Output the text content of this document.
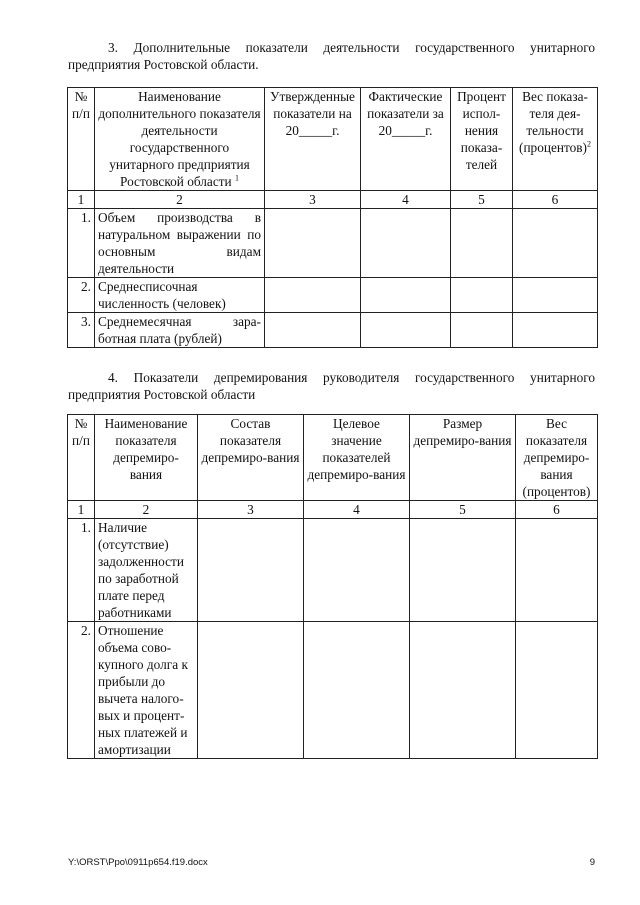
3. Дополнительные показатели деятельности государственного унитарного предприятия Ростовской области.
№ п/п	Наименование дополнительного показателя деятельности государственного унитарного предприятия Ростовской области $^1$	Утвержденные показатели на 20_____г.	Фактические показатели за 20_____г.	Процент испол-нения показа-телей	Вес показа-теля дея-тельности (процентов)$^2$
1	2	3	4	5	6
1.	Объем производства в натуральном выражении по основным видам деятельности				
2.	Среднесписочная численность (человек)				
3.	Среднемесячная зара-ботная плата (рублей)				
4. Показатели депремирования руководителя государственного унитарного предприятия Ростовской области
№ п/п	Наименование показателя депремиро-вания	Состав показателя депремиро-вания	Целевое значение показателей депремиро-вания	Размер депремиро-вания	Вес показателя депремиро-вания (процентов)
1	2	3	4	5	6
1.	Наличие (отсутствие) задолженности по заработной плате перед работниками				
2.	Отношение объема сово-купного долга к прибыли до вычета налого-вых и процент-ных платежей и амортизации				
Y:\ORST\Ppo\0911p654.f19.docx	9
